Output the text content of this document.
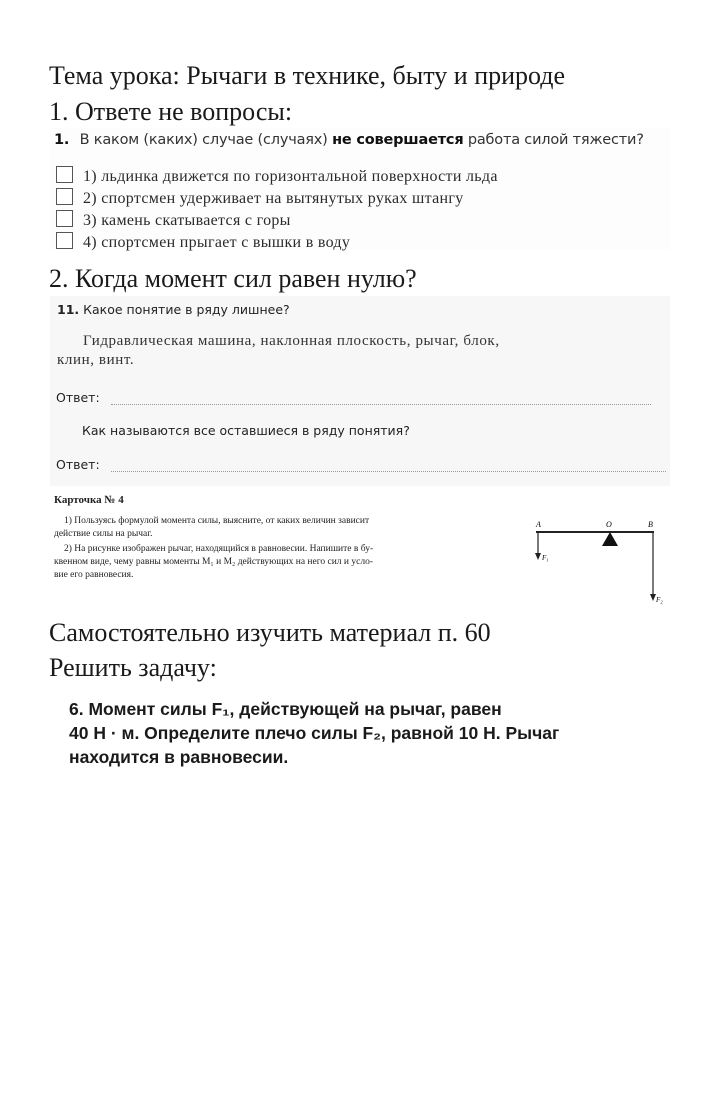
Тема урока: Рычаги в технике, быту и природе
1. Ответе не вопросы:
1. В каком (каких) случае (случаях) не совершается работа силой тяжести?
1) льдинка движется по горизонтальной поверхности льда
2) спортсмен удерживает на вытянутых руках штангу
3) камень скатывается с горы
4) спортсмен прыгает с вышки в воду
2. Когда момент сил равен нулю?
11. Какое понятие в ряду лишнее?
Гидравлическая машина, наклонная плоскость, рычаг, блок,
клин, винт.
Ответ:
Как называются все оставшиеся в ряду понятия?
Ответ:
Карточка № 4
1) Пользуясь формулой момента силы, выясните, от каких величин зависит
действие силы на рычаг.
2) На рисунке изображен рычаг, находящийся в равновесии. Напишите в бу-
квенном виде, чему равны моменты M₁ и M₂ действующих на него сил и усло-
вие его равновесия.
A	O	B
F₁
F₂
Самостоятельно изучить материал п. 60
Решить задачу:
6. Момент силы F₁, действующей на рычаг, равен
40 Н · м. Определите плечо силы F₂, равной 10 Н. Рычаг
находится в равновесии.
